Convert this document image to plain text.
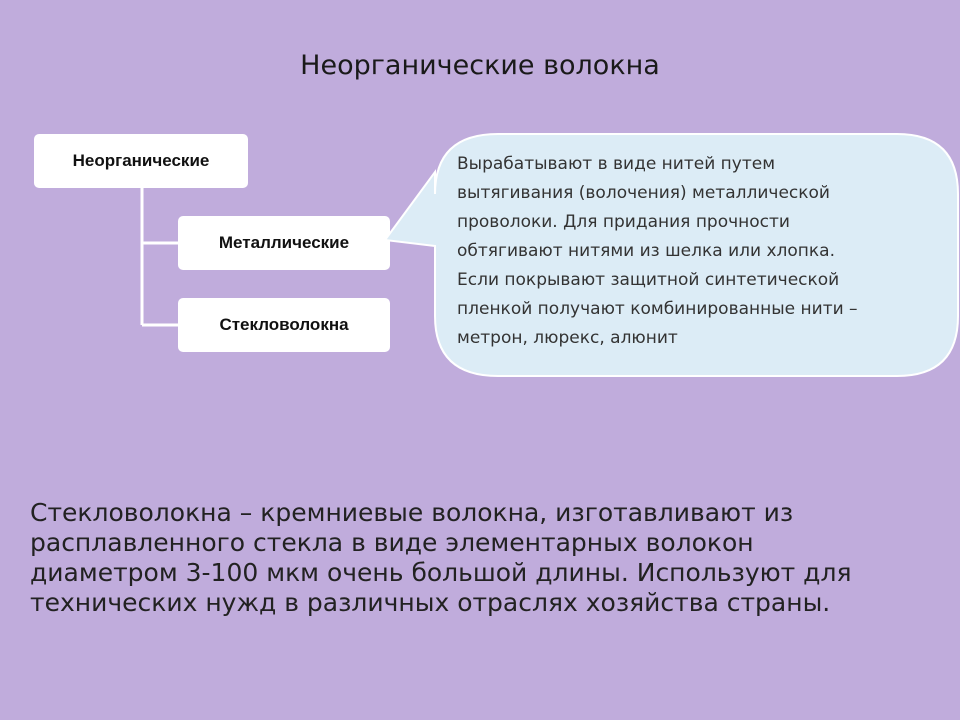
Неорганические волокна
Неорганические
Металлические
Стекловолокна
Вырабатывают в виде нитей путем
вытягивания (волочения) металлической
проволоки. Для придания прочности
обтягивают нитями из шелка или хлопка.
Если покрывают защитной синтетической
пленкой получают комбинированные нити –
метрон, люрекс, алюнит
Стекловолокна – кремниевые волокна, изготавливают из
расплавленного стекла в виде элементарных волокон
диаметром 3-100 мкм очень большой длины. Используют для
технических нужд в различных отраслях хозяйства страны.
